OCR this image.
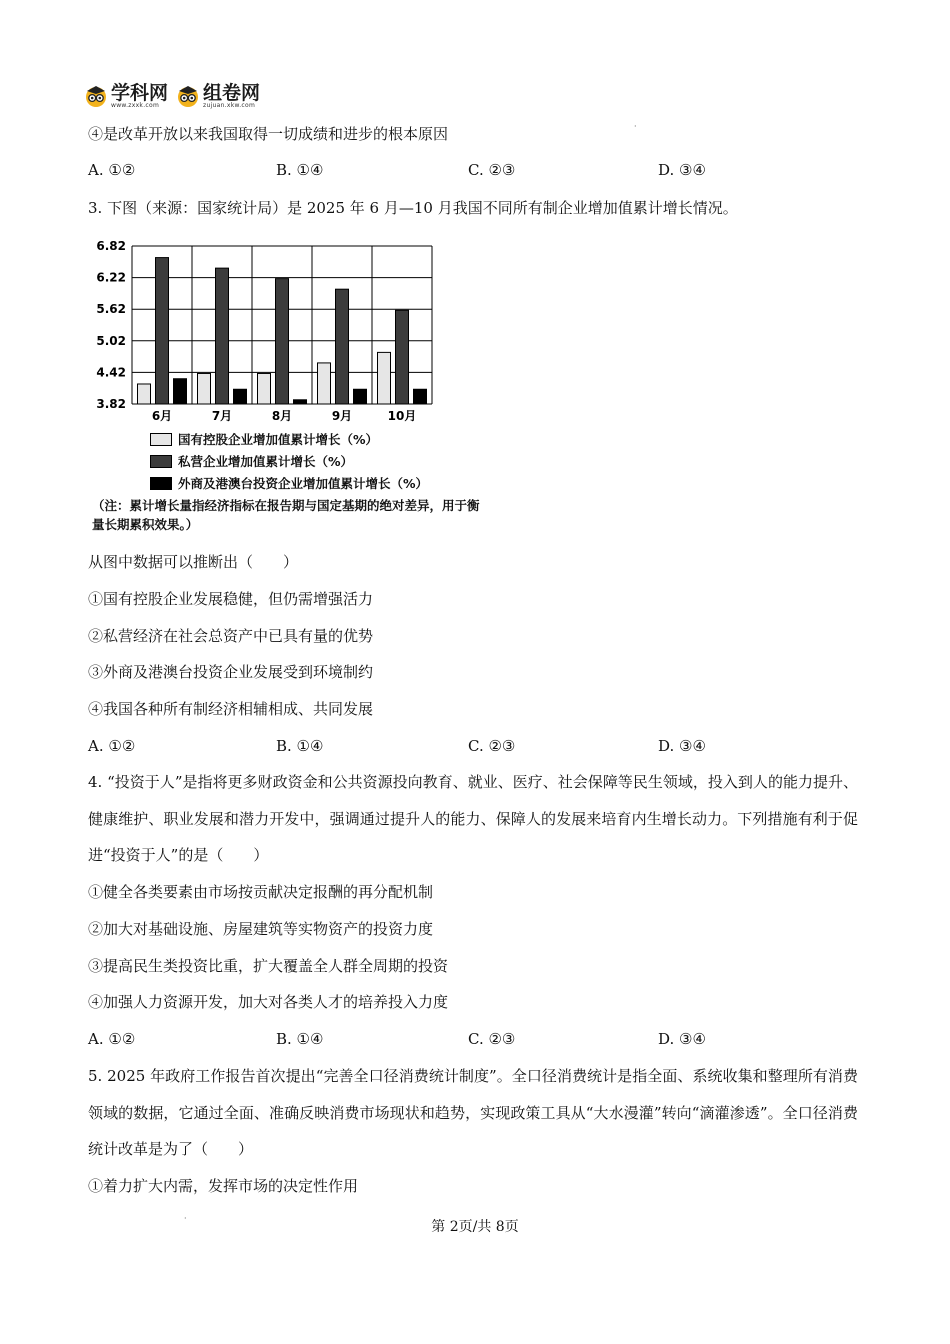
学科网
www.zxxk.com
组卷网
zujuan.xkw.com
·
④是改革开放以来我国取得一切成绩和进步的根本原因
A. ①②	B. ①④	C. ②③	D. ③④
3. 下图（来源：国家统计局）是 2025 年 6 月—10 月我国不同所有制企业增加值累计增长情况。
3.82
4.42
5.02
5.62
6.22
6.82
6月	7月	8月	9月	10月
国有控股企业增加值累计增长（%）
私营企业增加值累计增长（%）
外商及港澳台投资企业增加值累计增长（%）
（注：累计增长量指经济指标在报告期与国定基期的绝对差异，用于衡量长期累积效果。）
从图中数据可以推断出（　　）
①国有控股企业发展稳健，但仍需增强活力
②私营经济在社会总资产中已具有量的优势
③外商及港澳台投资企业发展受到环境制约
④我国各种所有制经济相辅相成、共同发展
A. ①②	B. ①④	C. ②③	D. ③④
4. “投资于人”是指将更多财政资金和公共资源投向教育、就业、医疗、社会保障等民生领域，投入到人的能力提升、健康维护、职业发展和潜力开发中，强调通过提升人的能力、保障人的发展来培育内生增长动力。下列措施有利于促进“投资于人”的是（　　）
①健全各类要素由市场按贡献决定报酬的再分配机制
②加大对基础设施、房屋建筑等实物资产的投资力度
③提高民生类投资比重，扩大覆盖全人群全周期的投资
④加强人力资源开发，加大对各类人才的培养投入力度
A. ①②	B. ①④	C. ②③	D. ③④
5. 2025 年政府工作报告首次提出“完善全口径消费统计制度”。全口径消费统计是指全面、系统收集和整理所有消费领域的数据，它通过全面、准确反映消费市场现状和趋势，实现政策工具从“大水漫灌”转向“滴灌渗透”。全口径消费统计改革是为了（　　）
①着力扩大内需，发挥市场的决定性作用
·
第 2页/共 8页
